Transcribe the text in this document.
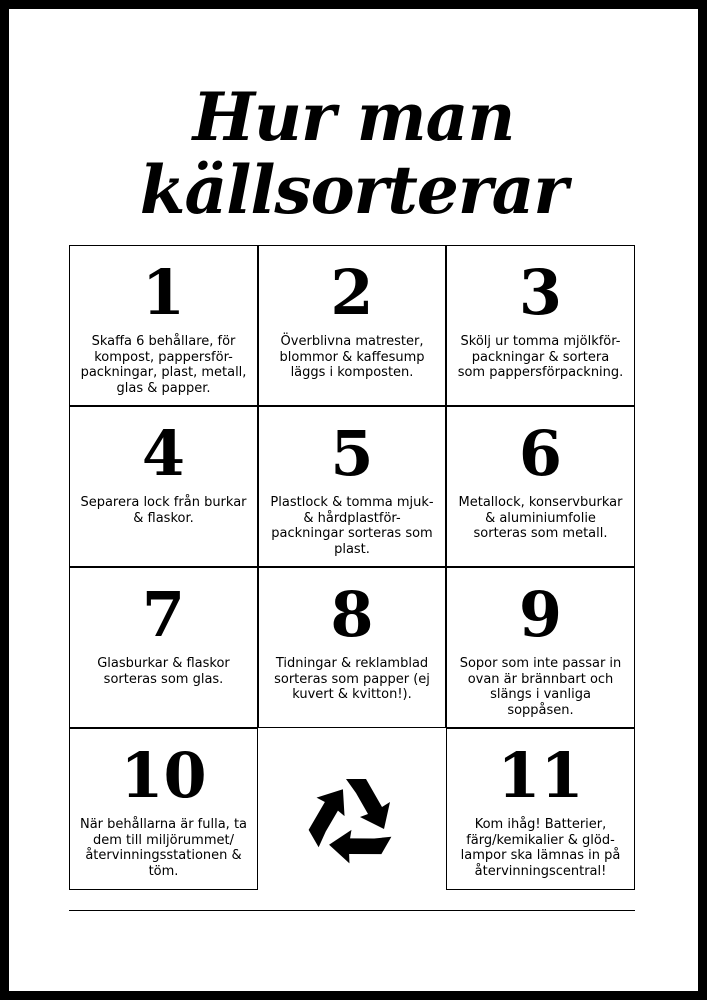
Hur man källsorterar
1
Skaffa 6 behållare, för kompost, pappersför-packningar, plast, metall, glas & papper.
2
Överblivna matrester, blommor & kaffesump läggs i komposten.
3
Skölj ur tomma mjölkför-packningar & sortera som pappersförpackning.
4
Separera lock från burkar & flaskor.
5
Plastlock & tomma mjuk- & hårdplastför-packningar sorteras som plast.
6
Metallock, konservburkar & aluminiumfolie sorteras som metall.
7
Glasburkar & flaskor sorteras som glas.
8
Tidningar & reklamblad sorteras som papper (ej kuvert & kvitton!).
9
Sopor som inte passar in ovan är brännbart och slängs i vanliga soppåsen.
10
När behållarna är fulla, ta dem till miljörummet/ återvinningsstationen & töm.
11
Kom ihåg! Batterier, färg/kemikalier & glöd-lampor ska lämnas in på återvinningscentral!
